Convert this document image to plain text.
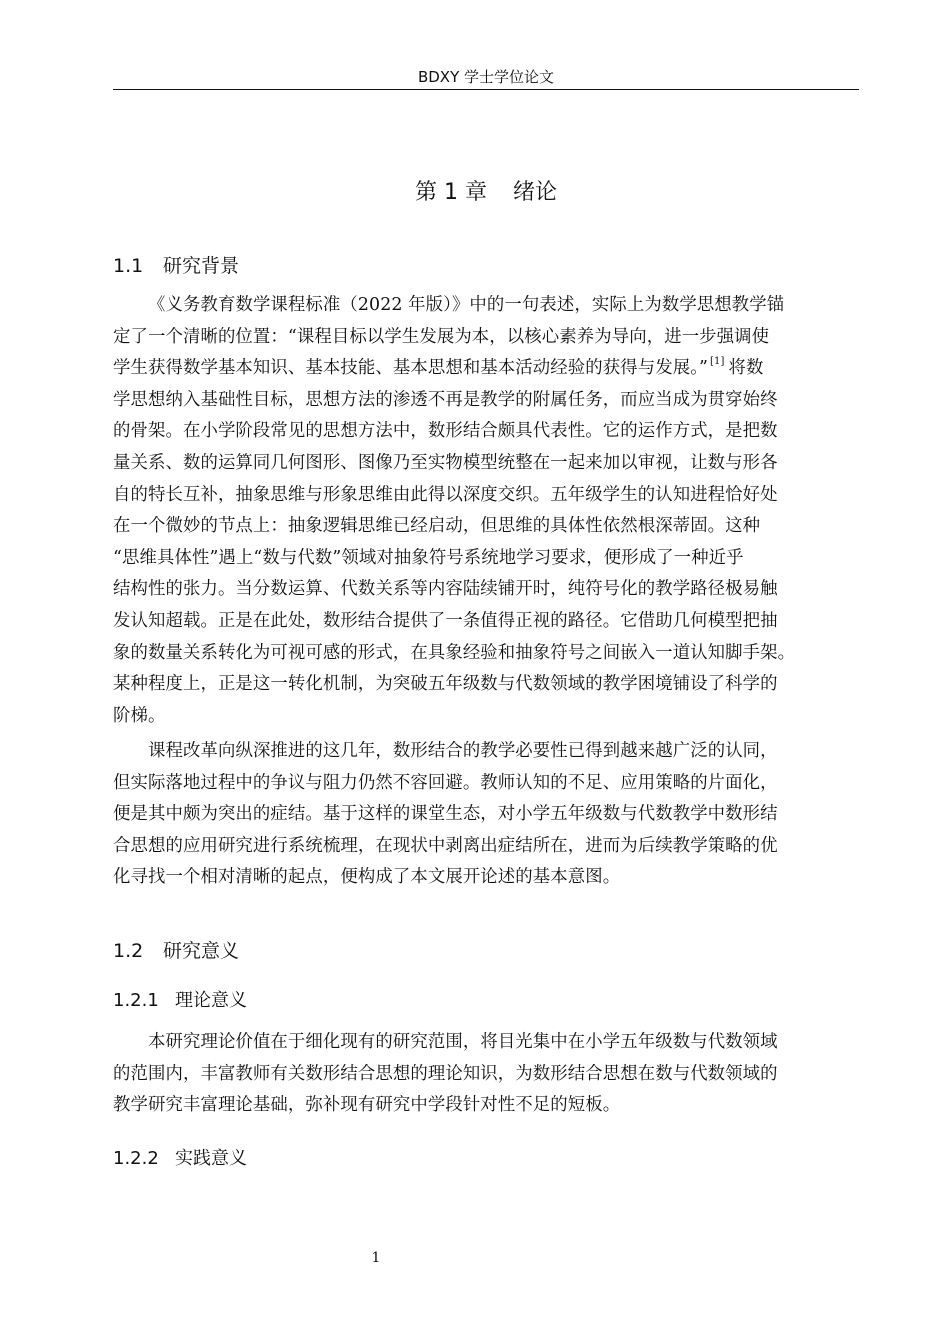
BDXY 学士学位论文
第 1 章 绪论
1.1 研究背景
《义务教育数学课程标准（2022 年版）》中的一句表述，实际上为数学思想教学锚
定了一个清晰的位置：“课程目标以学生发展为本，以核心素养为导向，进一步强调使
学生获得数学基本知识、基本技能、基本思想和基本活动经验的获得与发展。” [1] 将数
学思想纳入基础性目标，思想方法的渗透不再是教学的附属任务，而应当成为贯穿始终
的骨架。在小学阶段常见的思想方法中，数形结合颇具代表性。它的运作方式，是把数
量关系、数的运算同几何图形、图像乃至实物模型统整在一起来加以审视，让数与形各
自的特长互补，抽象思维与形象思维由此得以深度交织。五年级学生的认知进程恰好处
在一个微妙的节点上：抽象逻辑思维已经启动，但思维的具体性依然根深蒂固。这种
“思维具体性”遇上“数与代数”领域对抽象符号系统地学习要求，便形成了一种近乎
结构性的张力。当分数运算、代数关系等内容陆续铺开时，纯符号化的教学路径极易触
发认知超载。正是在此处，数形结合提供了一条值得正视的路径。它借助几何模型把抽
象的数量关系转化为可视可感的形式，在具象经验和抽象符号之间嵌入一道认知脚手架。
某种程度上，正是这一转化机制，为突破五年级数与代数领域的教学困境铺设了科学的
阶梯。
课程改革向纵深推进的这几年，数形结合的教学必要性已得到越来越广泛的认同，
但实际落地过程中的争议与阻力仍然不容回避。教师认知的不足、应用策略的片面化，
便是其中颇为突出的症结。基于这样的课堂生态，对小学五年级数与代数教学中数形结
合思想的应用研究进行系统梳理，在现状中剥离出症结所在，进而为后续教学策略的优
化寻找一个相对清晰的起点，便构成了本文展开论述的基本意图。
1.2 研究意义
1.2.1 理论意义
本研究理论价值在于细化现有的研究范围，将目光集中在小学五年级数与代数领域
的范围内，丰富教师有关数形结合思想的理论知识，为数形结合思想在数与代数领域的
教学研究丰富理论基础，弥补现有研究中学段针对性不足的短板。
1.2.2 实践意义
1
